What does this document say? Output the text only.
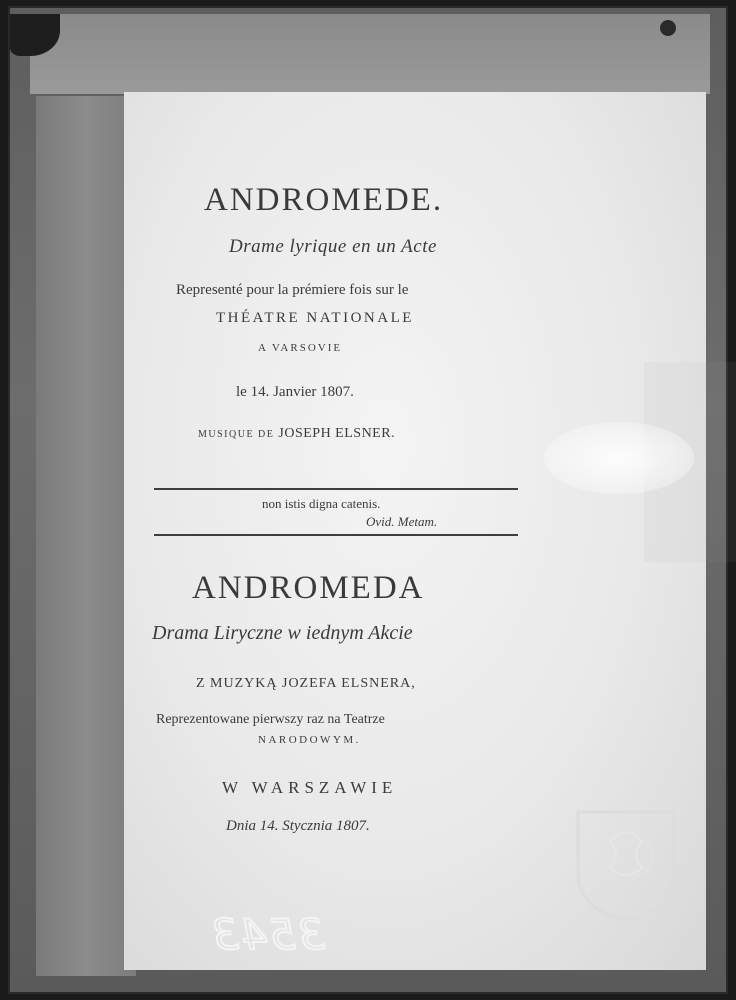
ANDROMEDE.
Drame lyrique en un Acte
Representé pour la prémiere fois sur le
THÉATRE NATIONALE
A VARSOVIE
le 14. Janvier 1807.
MUSIQUE DE JOSEPH ELSNER.
non istis digna catenis.
Ovid. Metam.
ANDROMEDA
Drama Liryczne w iednym Akcie
Z MUZYKĄ JOZEFA ELSNERA,
Reprezentowane pierwszy raz na Teatrze
NARODOWYM.
W WARSZAWIE
Dnia 14. Stycznia 1807.
3543
